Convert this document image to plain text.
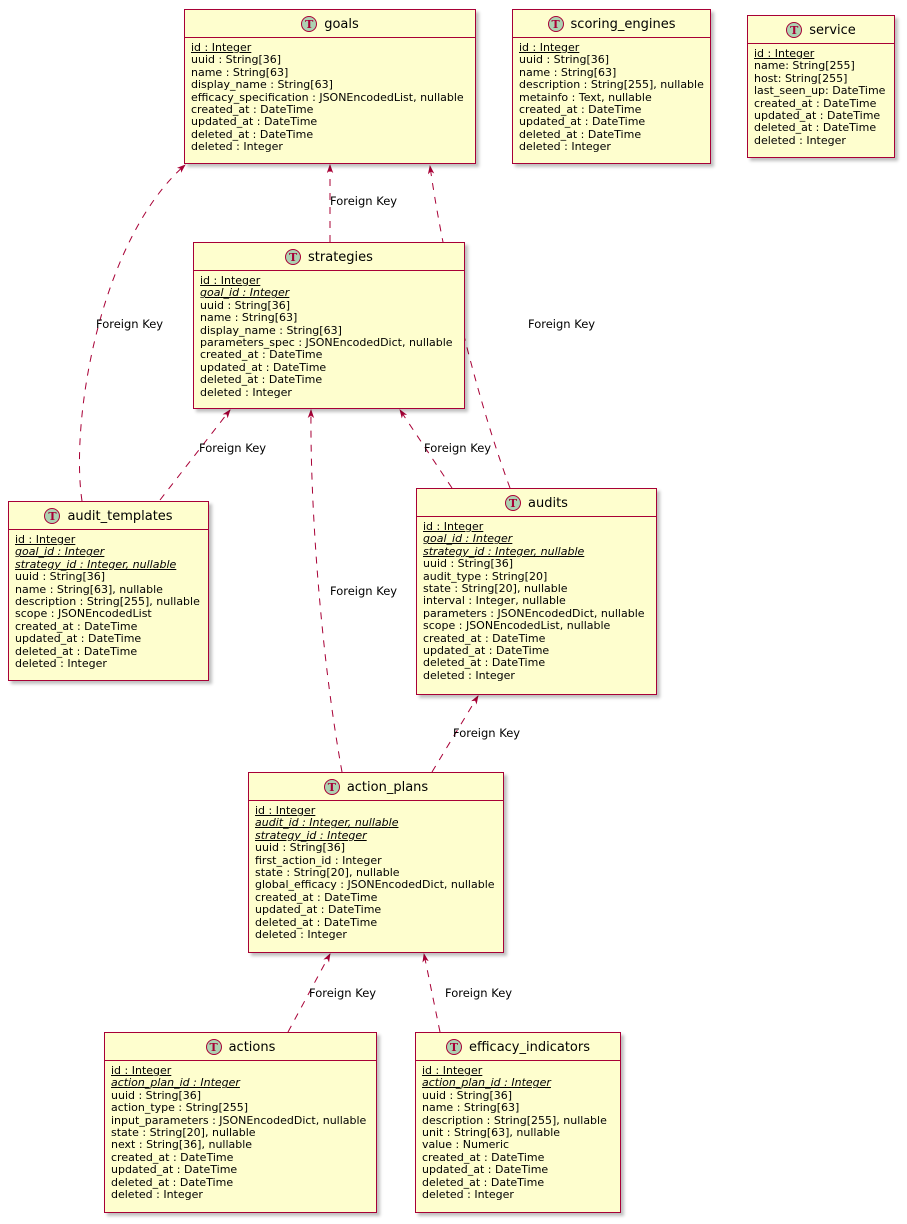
T goals
id : Integer
uuid : String[36]
name : String[63]
display_name : String[63]
efficacy_specification : JSONEncodedList, nullable
created_at : DateTime
updated_at : DateTime
deleted_at : DateTime
deleted : Integer
T scoring_engines
id : Integer
uuid : String[36]
name : String[63]
description : String[255], nullable
metainfo : Text, nullable
created_at : DateTime
updated_at : DateTime
deleted_at : DateTime
deleted : Integer
T service
id : Integer
name: String[255]
host: String[255]
last_seen_up: DateTime
created_at : DateTime
updated_at : DateTime
deleted_at : DateTime
deleted : Integer
T strategies
id : Integer
goal_id : Integer
uuid : String[36]
name : String[63]
display_name : String[63]
parameters_spec : JSONEncodedDict, nullable
created_at : DateTime
updated_at : DateTime
deleted_at : DateTime
deleted : Integer
T audit_templates
id : Integer
goal_id : Integer
strategy_id : Integer, nullable
uuid : String[36]
name : String[63], nullable
description : String[255], nullable
scope : JSONEncodedList
created_at : DateTime
updated_at : DateTime
deleted_at : DateTime
deleted : Integer
T audits
id : Integer
goal_id : Integer
strategy_id : Integer, nullable
uuid : String[36]
audit_type : String[20]
state : String[20], nullable
interval : Integer, nullable
parameters : JSONEncodedDict, nullable
scope : JSONEncodedList, nullable
created_at : DateTime
updated_at : DateTime
deleted_at : DateTime
deleted : Integer
T action_plans
id : Integer
audit_id : Integer, nullable
strategy_id : Integer
uuid : String[36]
first_action_id : Integer
state : String[20], nullable
global_efficacy : JSONEncodedDict, nullable
created_at : DateTime
updated_at : DateTime
deleted_at : DateTime
deleted : Integer
T actions
id : Integer
action_plan_id : Integer
uuid : String[36]
action_type : String[255]
input_parameters : JSONEncodedDict, nullable
state : String[20], nullable
next : String[36], nullable
created_at : DateTime
updated_at : DateTime
deleted_at : DateTime
deleted : Integer
T efficacy_indicators
id : Integer
action_plan_id : Integer
uuid : String[36]
name : String[63]
description : String[255], nullable
unit : String[63], nullable
value : Numeric
created_at : DateTime
updated_at : DateTime
deleted_at : DateTime
deleted : Integer
Foreign Key
Foreign Key	Foreign Key
Foreign Key	Foreign Key
Foreign Key
Foreign Key
Foreign Key	Foreign Key
